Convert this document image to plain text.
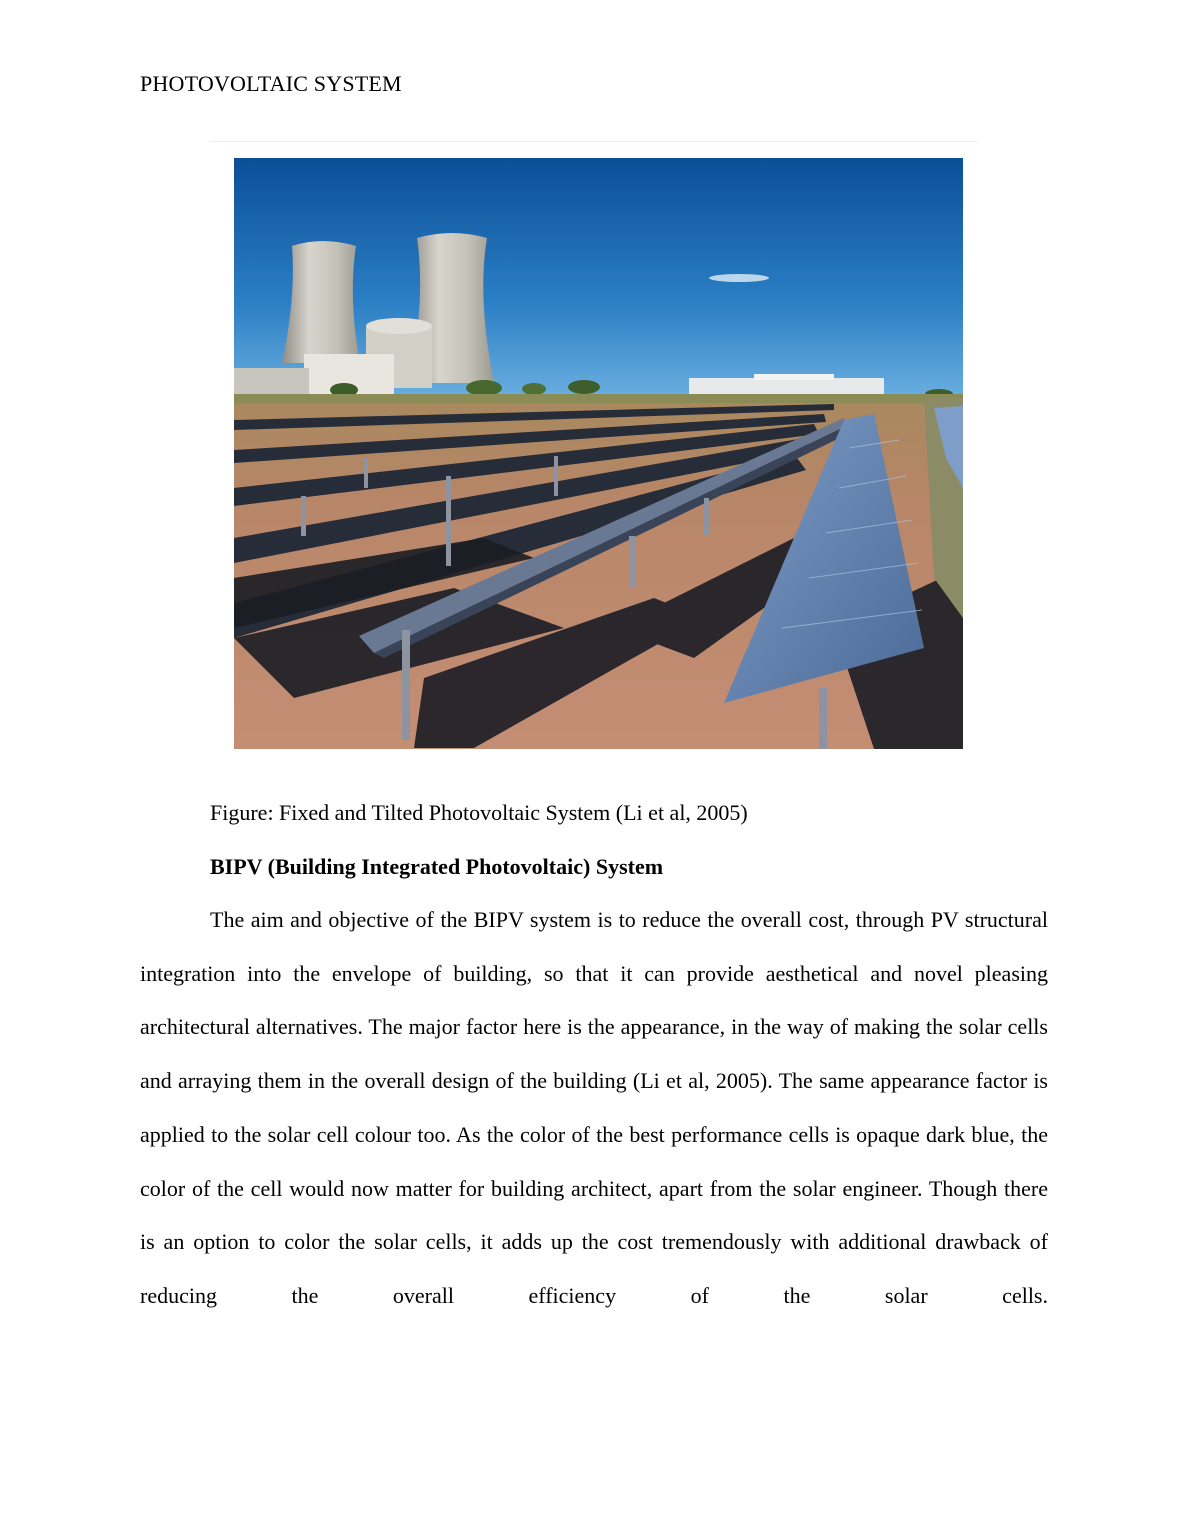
PHOTOVOLTAIC SYSTEM
Figure: Fixed and Tilted Photovoltaic System (Li et al, 2005)
BIPV (Building Integrated Photovoltaic) System

The aim and objective of the BIPV system is to reduce the overall cost, through PV structural integration into the envelope of building, so that it can provide aesthetical and novel pleasing architectural alternatives. The major factor here is the appearance, in the way of making the solar cells and arraying them in the overall design of the building (Li et al, 2005). The same appearance factor is applied to the solar cell colour too. As the color of the best performance cells is opaque dark blue, the color of the cell would now matter for building architect, apart from the solar engineer. Though there is an option to color the solar cells, it adds up the cost tremendously with additional drawback of reducing the overall efficiency of the solar cells.
